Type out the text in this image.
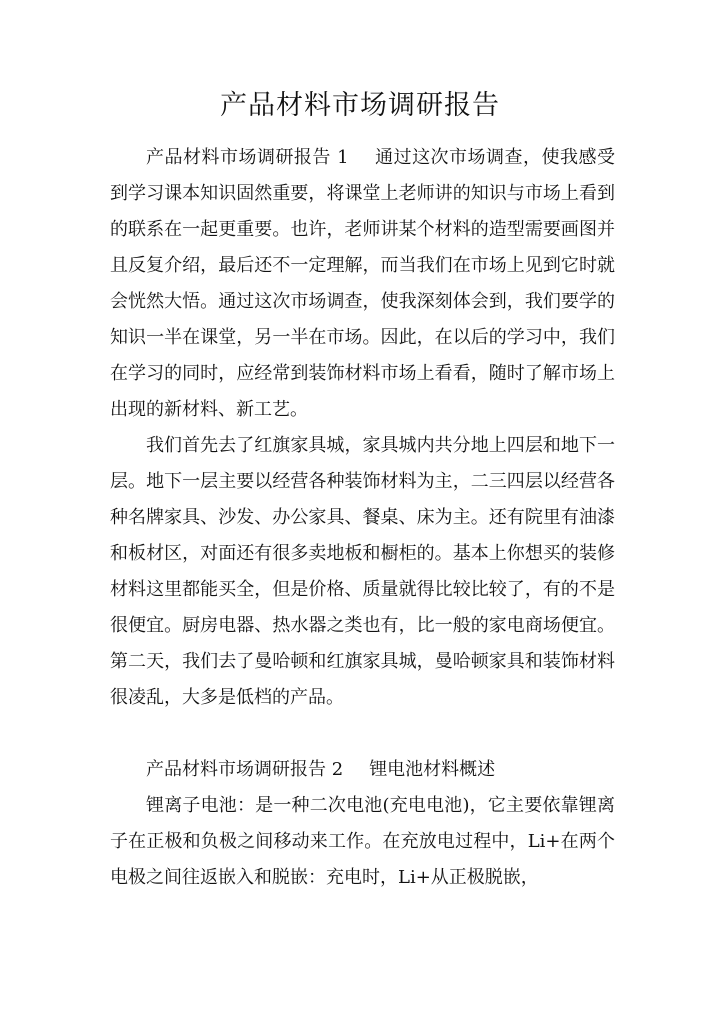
产品材料市场调研报告

产品材料市场调研报告 1 通过这次市场调查，使我感受到学习课本知识固然重要，将课堂上老师讲的知识与市场上看到的联系在一起更重要。也许，老师讲某个材料的造型需要画图并且反复介绍，最后还不一定理解，而当我们在市场上见到它时就会恍然大悟。通过这次市场调查，使我深刻体会到，我们要学的知识一半在课堂，另一半在市场。因此，在以后的学习中，我们在学习的同时，应经常到装饰材料市场上看看，随时了解市场上出现的新材料、新工艺。

我们首先去了红旗家具城，家具城内共分地上四层和地下一层。地下一层主要以经营各种装饰材料为主，二三四层以经营各种名牌家具、沙发、办公家具、餐桌、床为主。还有院里有油漆和板材区，对面还有很多卖地板和橱柜的。基本上你想买的装修材料这里都能买全，但是价格、质量就得比较比较了，有的不是很便宜。厨房电器、热水器之类也有，比一般的家电商场便宜。第二天，我们去了曼哈顿和红旗家具城，曼哈顿家具和装饰材料很凌乱，大多是低档的产品。

产品材料市场调研报告 2 锂电池材料概述

锂离子电池：是一种二次电池(充电电池)，它主要依靠锂离子在正极和负极之间移动来工作。在充放电过程中，Li+在两个电极之间往返嵌入和脱嵌：充电时，Li+从正极脱嵌，
